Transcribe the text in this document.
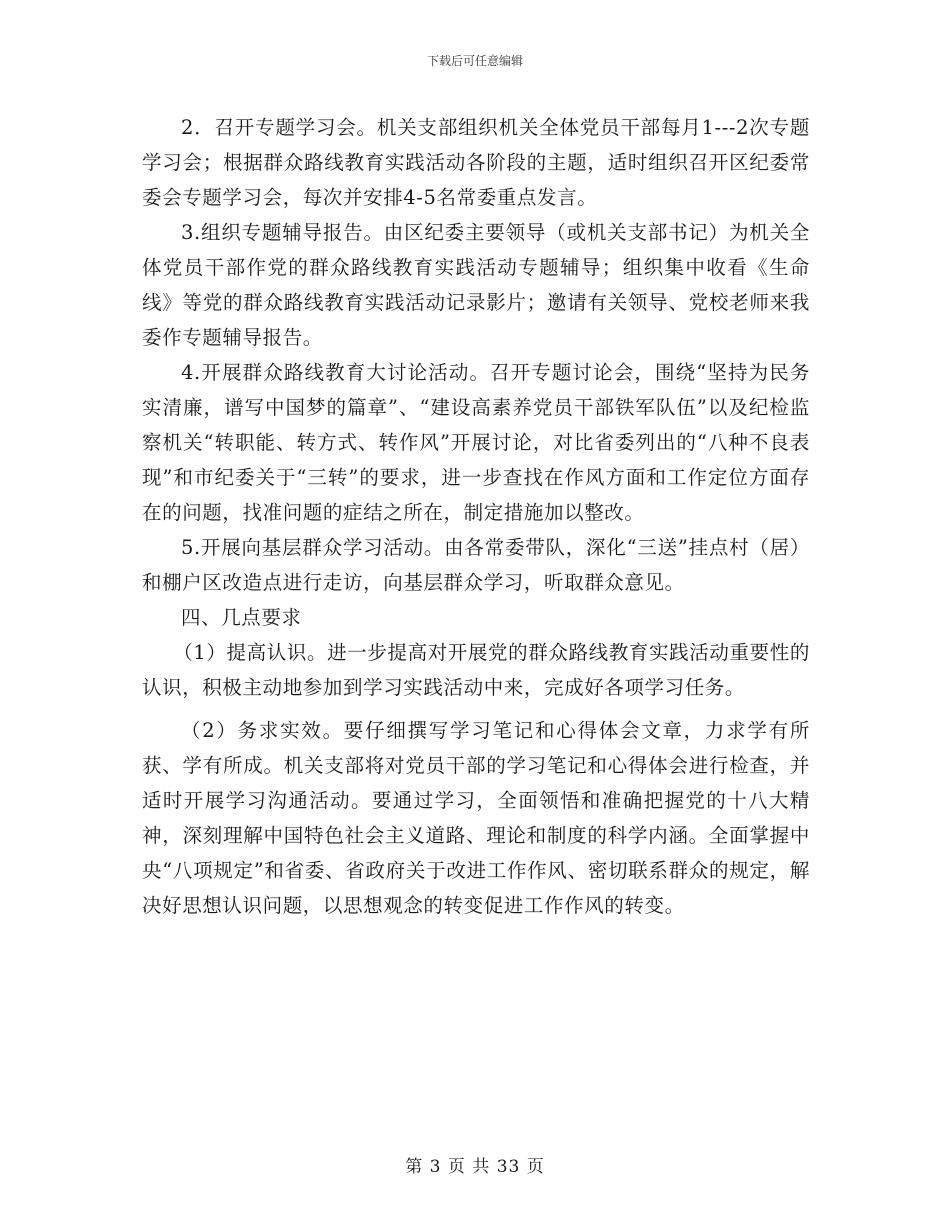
下载后可任意编辑

2．召开专题学习会。机关支部组织机关全体党员干部每月1---2次专题学习会；根据群众路线教育实践活动各阶段的主题，适时组织召开区纪委常委会专题学习会，每次并安排4-5名常委重点发言。

3.组织专题辅导报告。由区纪委主要领导（或机关支部书记）为机关全体党员干部作党的群众路线教育实践活动专题辅导；组织集中收看《生命线》等党的群众路线教育实践活动记录影片；邀请有关领导、党校老师来我委作专题辅导报告。

4.开展群众路线教育大讨论活动。召开专题讨论会，围绕“坚持为民务实清廉，谱写中国梦的篇章”、“建设高素养党员干部铁军队伍”以及纪检监察机关“转职能、转方式、转作风”开展讨论，对比省委列出的“八种不良表现”和市纪委关于“三转”的要求，进一步查找在作风方面和工作定位方面存在的问题，找准问题的症结之所在，制定措施加以整改。

5.开展向基层群众学习活动。由各常委带队，深化“三送”挂点村（居）和棚户区改造点进行走访，向基层群众学习，听取群众意见。

四、几点要求

（1）提高认识。进一步提高对开展党的群众路线教育实践活动重要性的认识，积极主动地参加到学习实践活动中来，完成好各项学习任务。

（2）务求实效。要仔细撰写学习笔记和心得体会文章，力求学有所获、学有所成。机关支部将对党员干部的学习笔记和心得体会进行检查，并适时开展学习沟通活动。要通过学习，全面领悟和准确把握党的十八大精神，深刻理解中国特色社会主义道路、理论和制度的科学内涵。全面掌握中央“八项规定”和省委、省政府关于改进工作作风、密切联系群众的规定，解决好思想认识问题，以思想观念的转变促进工作作风的转变。

第 3 页 共 33 页
